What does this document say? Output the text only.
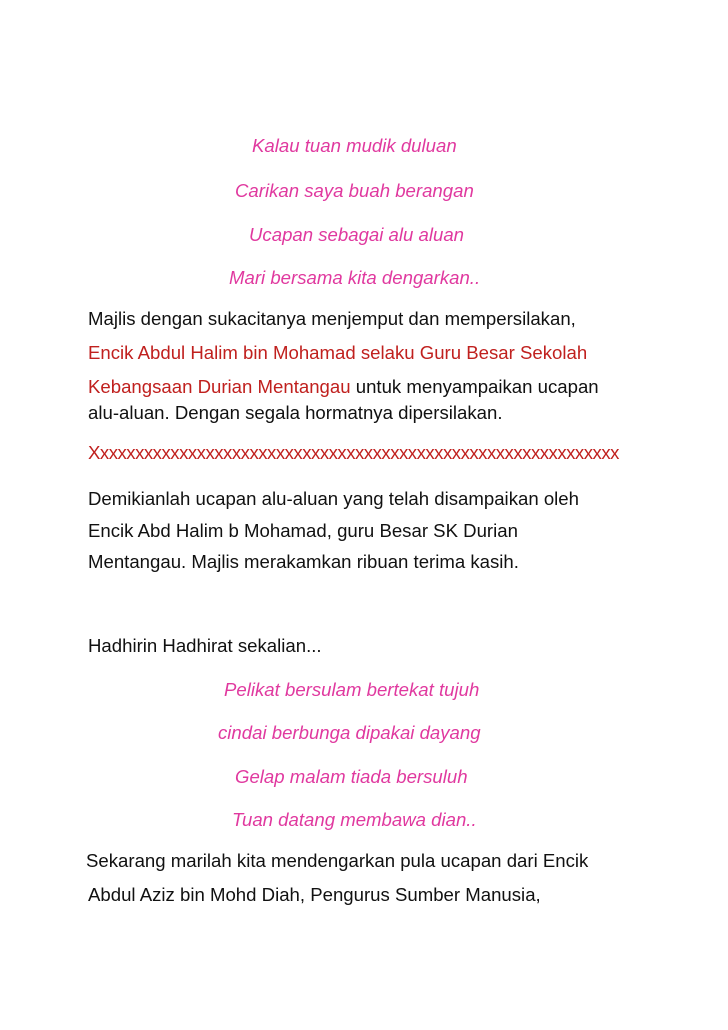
Kalau tuan mudik duluan
Carikan saya buah berangan
Ucapan sebagai alu aluan
Mari bersama kita dengarkan..
Majlis dengan sukacitanya menjemput dan mempersilakan,
Encik Abdul Halim bin Mohamad selaku Guru Besar Sekolah
Kebangsaan Durian Mentangau untuk menyampaikan ucapan
alu-aluan. Dengan segala hormatnya dipersilakan.
Xxxxxxxxxxxxxxxxxxxxxxxxxxxxxxxxxxxxxxxxxxxxxxxxxxxxxxxxxxxx
Demikianlah ucapan alu-aluan yang telah disampaikan oleh
Encik Abd Halim b Mohamad, guru Besar SK Durian
Mentangau. Majlis merakamkan ribuan terima kasih.
Hadhirin Hadhirat sekalian...
Pelikat bersulam bertekat tujuh
cindai berbunga dipakai dayang
Gelap malam tiada bersuluh
Tuan datang membawa dian..
Sekarang marilah kita mendengarkan pula ucapan dari Encik
Abdul Aziz bin Mohd Diah, Pengurus Sumber Manusia,
